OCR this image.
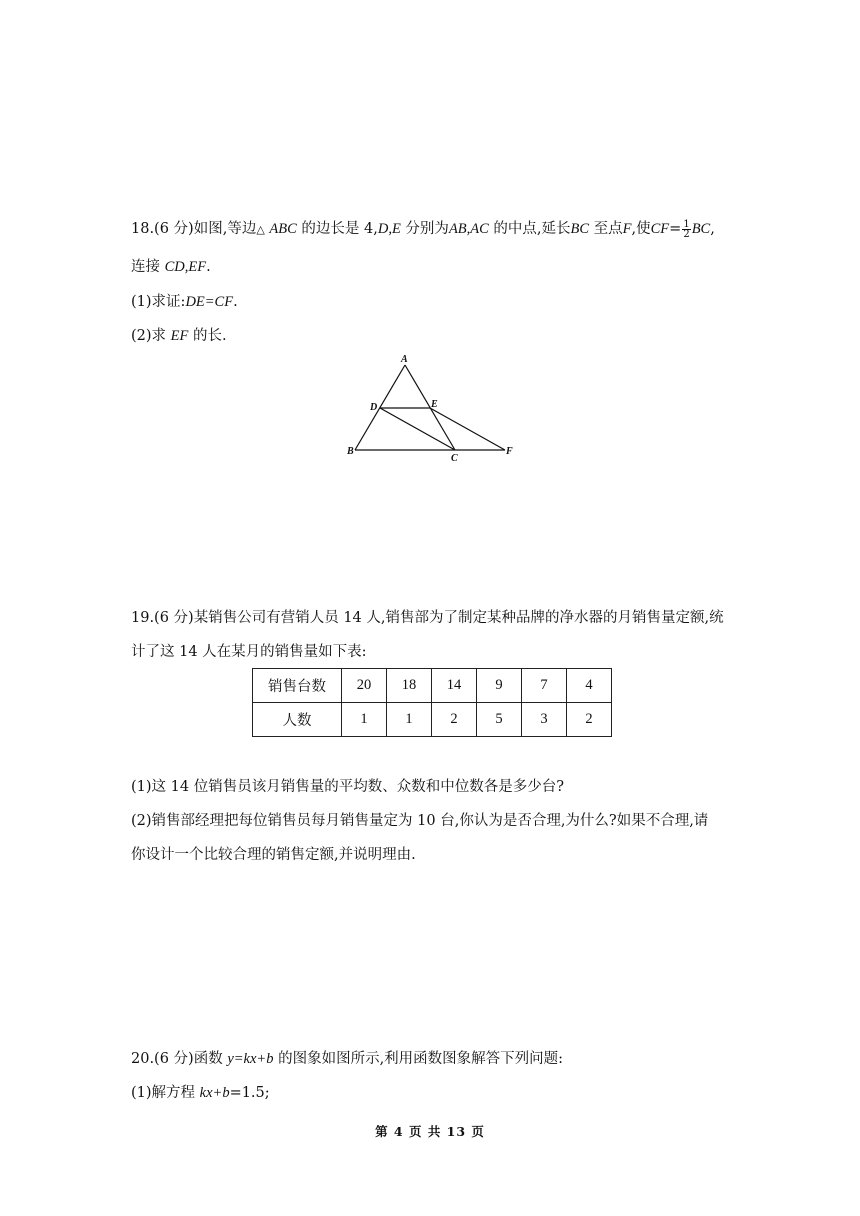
18.(6 分)如图,等边△ ABC 的边长是 4,D,E 分别为AB,AC 的中点,延长BC 至点F,使$CF= \frac{1}{2}$ BC,
连接 CD,EF.
(1)求证:DE=CF.
(2)求 EF 的长.
A
D	E
B
C
F
19.(6 分)某销售公司有营销人员 14 人,销售部为了制定某种品牌的净水器的月销售量定额,统
计了这 14 人在某月的销售量如下表:
销售台数	20	18	14	9	7	4
人数	1	1	2	5	3	2
(1)这 14 位销售员该月销售量的平均数、众数和中位数各是多少台?
(2)销售部经理把每位销售员每月销售量定为 10 台,你认为是否合理,为什么?如果不合理,请
你设计一个比较合理的销售定额,并说明理由.
20.(6 分)函数 y=kx+b 的图象如图所示,利用函数图象解答下列问题:
(1)解方程 kx+b=1.5;
第 4 页 共 13 页
